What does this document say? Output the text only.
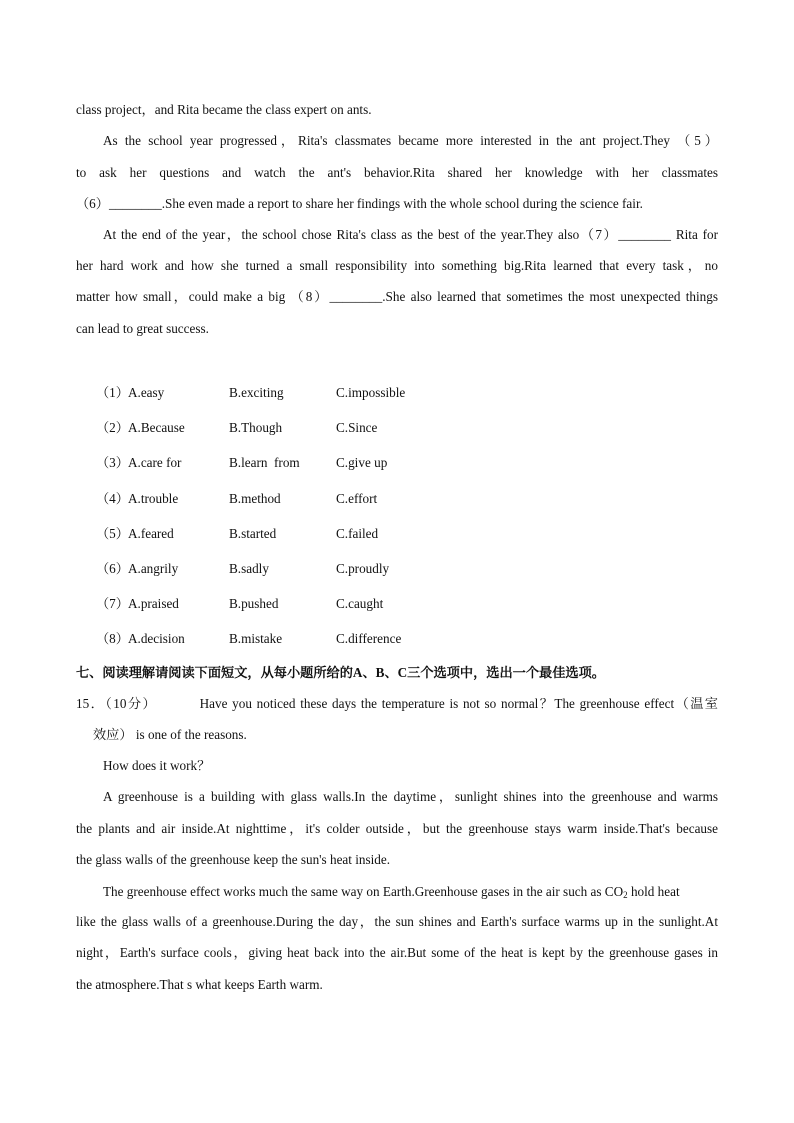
class project，and Rita became the class expert on ants.
As the school year progressed，Rita's classmates became more interested in the ant project.They （5）
to ask her questions and watch the ant's behavior.Rita shared her knowledge with her classmates
（6）________.She even made a report to share her findings with the whole school during the science fair.
At the end of the year，the school chose Rita's class as the best of the year.They also（7）________ Rita for
her hard work and how she turned a small responsibility into something big.Rita learned that every task，no
matter how small，could make a big （8）________.She also learned that sometimes the most unexpected things
can lead to great success.
（1） A.easy	B.exciting	C.impossible
（2） A.Because	B.Though	C.Since
（3） A.care for	B.learn  from	C.give up
（4） A.trouble	B.method	C.effort
（5） A.feared	B.started	C.failed
（6） A.angrily	B.sadly	C.proudly
（7） A.praised	B.pushed	C.caught
（8） A.decision	B.mistake	C.difference
七、阅读理解请阅读下面短文，从每小题所给的A、B、C三个选项中，选出一个最佳选项。
15．（10分）         Have you noticed these days the temperature is not so normal？The greenhouse effect（温室
效应） is one of the reasons.
How does it work？
A greenhouse is a building with glass walls.In the daytime，sunlight shines into the greenhouse and warms
the plants and air inside.At nighttime，it's colder outside，but the greenhouse stays warm inside.That's because
the glass walls of the greenhouse keep the sun's heat inside.
The greenhouse effect works much the same way on Earth.Greenhouse gases in the air such as $CO_2$ hold heat
like the glass walls of a greenhouse.During the day，the sun shines and Earth's surface warms up in the sunlight.At
night，Earth's surface cools，giving heat back into the air.But some of the heat is kept by the greenhouse gases in
the atmosphere.That s what keeps Earth warm.
